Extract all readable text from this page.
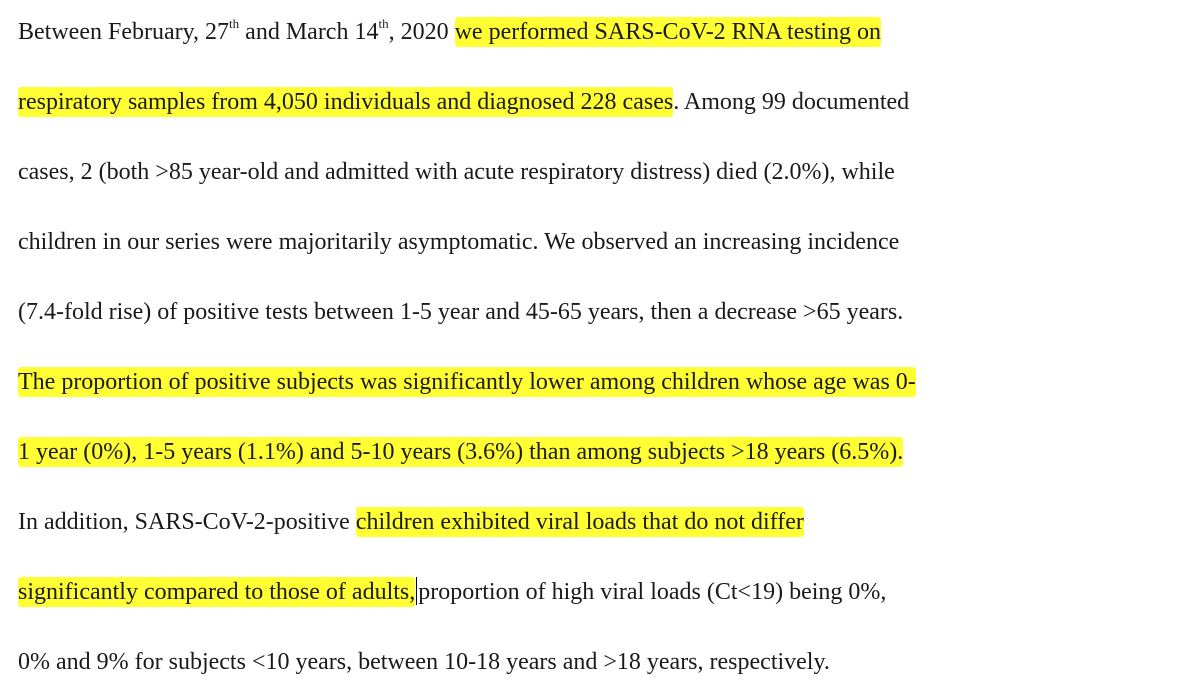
Between February, 27th and March 14th, 2020 we performed SARS-CoV-2 RNA testing on
respiratory samples from 4,050 individuals and diagnosed 228 cases. Among 99 documented
cases, 2 (both >85 year-old and admitted with acute respiratory distress) died (2.0%), while
children in our series were majoritarily asymptomatic. We observed an increasing incidence
(7.4-fold rise) of positive tests between 1-5 year and 45-65 years, then a decrease >65 years.
The proportion of positive subjects was significantly lower among children whose age was 0-
1 year (0%), 1-5 years (1.1%) and 5-10 years (3.6%) than among subjects >18 years (6.5%).
In addition, SARS-CoV-2-positive children exhibited viral loads that do not differ
significantly compared to those of adults, proportion of high viral loads (Ct<19) being 0%,
0% and 9% for subjects <10 years, between 10-18 years and >18 years, respectively.
